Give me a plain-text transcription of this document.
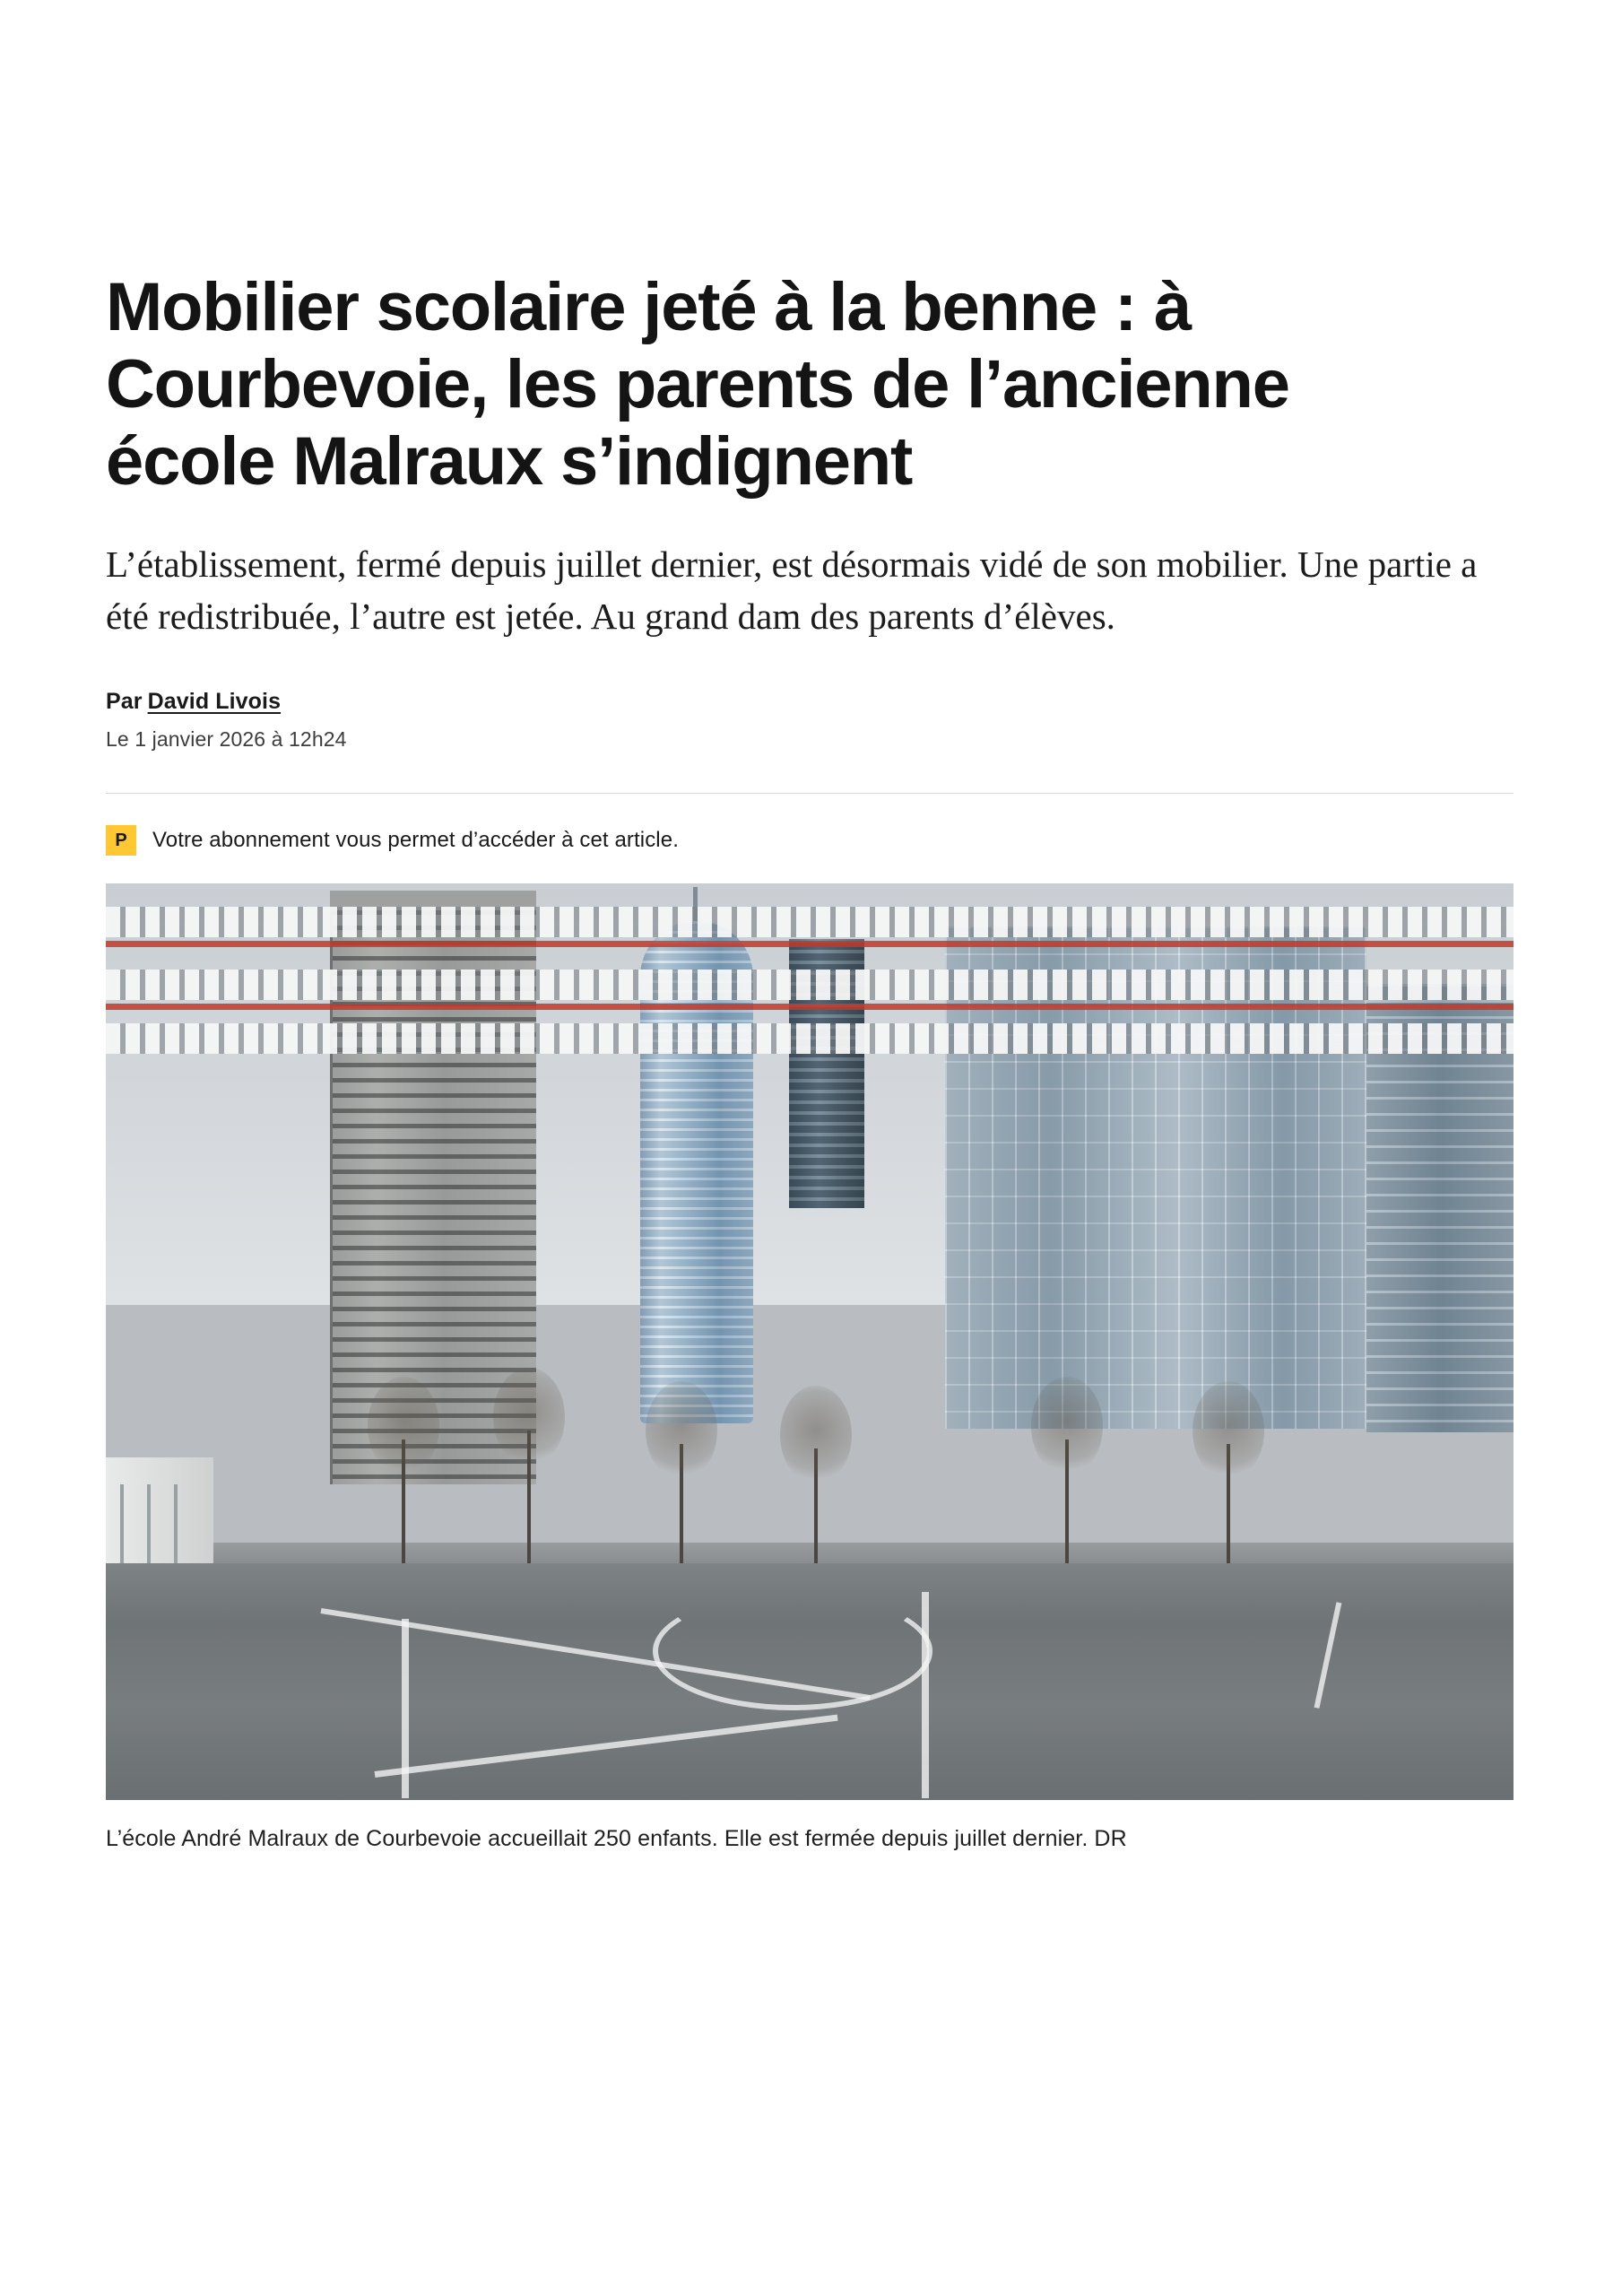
Mobilier scolaire jeté à la benne : à Courbevoie, les parents de l’ancienne école Malraux s’indignent

L’établissement, fermé depuis juillet dernier, est désormais vidé de son mobilier. Une partie a été redistribuée, l’autre est jetée. Au grand dam des parents d’élèves.

Par David Livois
Le 1 janvier 2026 à 12h24
P	Votre abonnement vous permet d’accéder à cet article.
L’école André Malraux de Courbevoie accueillait 250 enfants. Elle est fermée depuis juillet dernier. DR
